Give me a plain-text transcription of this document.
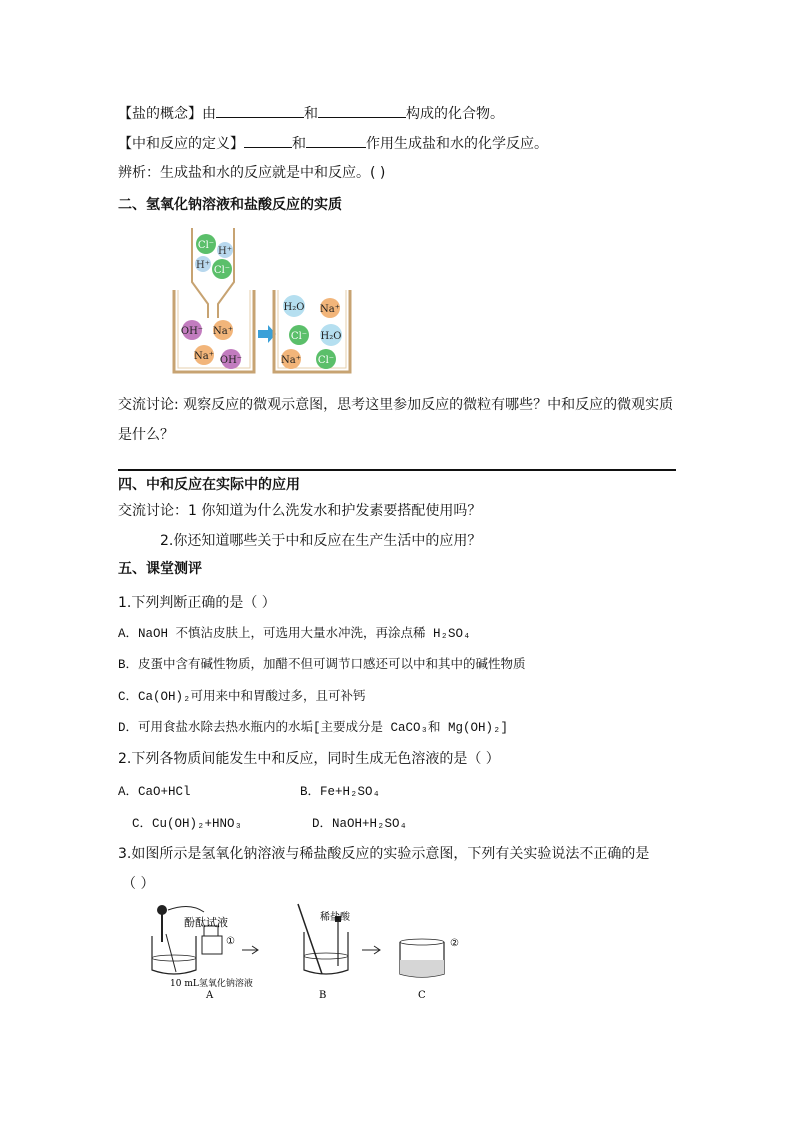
【盐的概念】由	和	构成的化合物。
【中和反应的定义】	和	作用生成盐和水的化学反应。
辨析：生成盐和水的反应就是中和反应。( )
二、氢氧化钠溶液和盐酸反应的实质
Cl⁻
H⁺
H⁺ Cl⁻
OH⁻ Na⁺
Na⁺ OH⁻
H₂O Na⁺
Cl⁻ H₂O
Na⁺ Cl⁻
交流讨论: 观察反应的微观示意图，思考这里参加反应的微粒有哪些？中和反应的微观实质
是什么？
四、中和反应在实际中的应用
交流讨论：1 你知道为什么洗发水和护发素要搭配使用吗？
2.你还知道哪些关于中和反应在生产生活中的应用？
五、课堂测评
1.下列判断正确的是（ ）
A．NaOH 不慎沾皮肤上，可选用大量水冲洗，再涂点稀 H₂SO₄
B．皮蛋中含有碱性物质，加醋不但可调节口感还可以中和其中的碱性物质
C．Ca(OH)₂可用来中和胃酸过多，且可补钙
D．可用食盐水除去热水瓶内的水垢[主要成分是 CaCO₃和 Mg(OH)₂]
2.下列各物质间能发生中和反应，同时生成无色溶液的是（ ）
A．CaO+HCl	B．Fe+H₂SO₄
C．Cu(OH)₂+HNO₃	D．NaOH+H₂SO₄
3.如图所示是氢氧化钠溶液与稀盐酸反应的实验示意图，下列有关实验说法不正确的是
（ ）
酚酞试液
①
10 mL氢氧化钠溶液
A
稀盐酸
B
②
C
